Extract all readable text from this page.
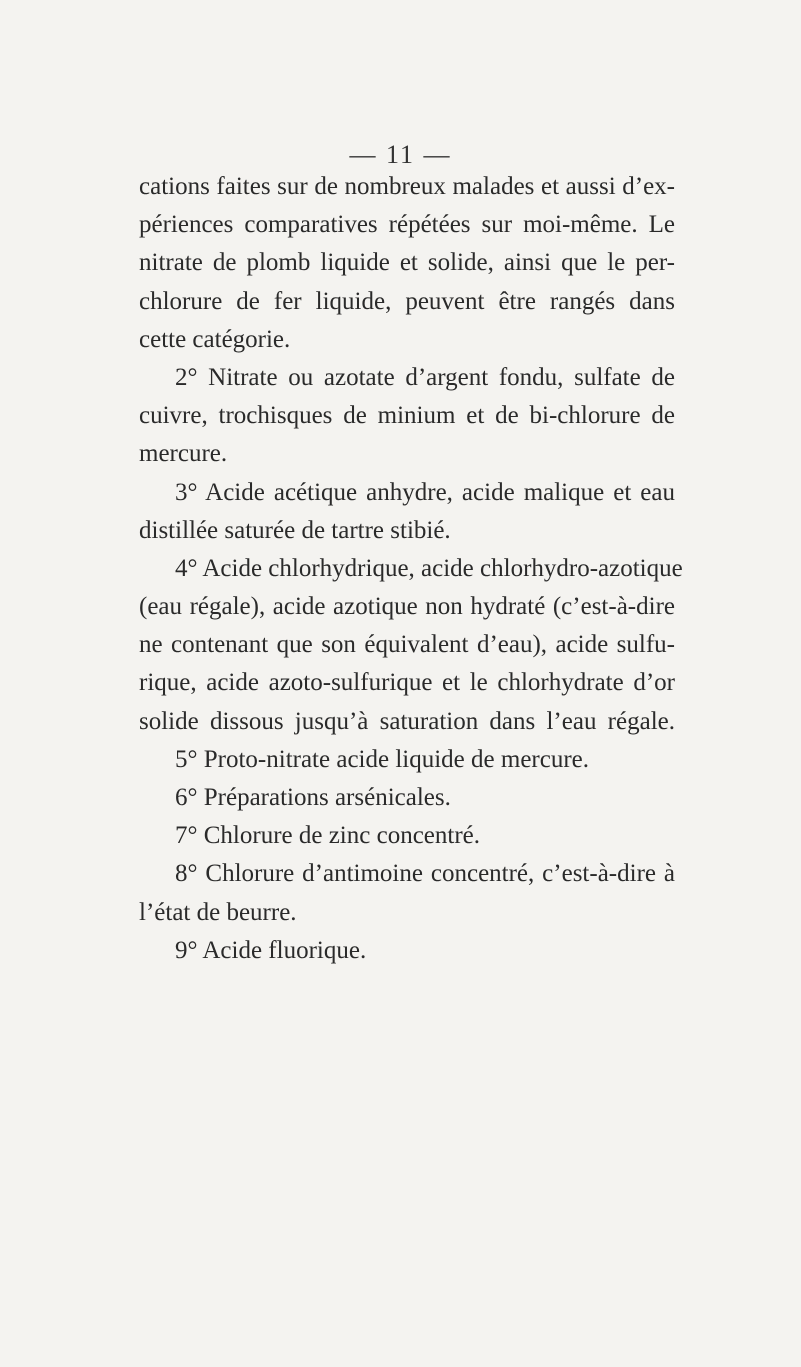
— 11 —
cations faites sur de nombreux malades et aussi d’ex-
périences comparatives répétées sur moi-même. Le
nitrate de plomb liquide et solide, ainsi que le per-
chlorure de fer liquide, peuvent être rangés dans
cette catégorie.
2° Nitrate ou azotate d’argent fondu, sulfate de
cuivre, trochisques de minium et de bi-chlorure de
mercure.
3° Acide acétique anhydre, acide malique et eau
distillée saturée de tartre stibié.
4° Acide chlorhydrique, acide chlorhydro-azotique
(eau régale), acide azotique non hydraté (c’est-à-dire
ne contenant que son équivalent d’eau), acide sulfu-
rique, acide azoto-sulfurique et le chlorhydrate d’or
solide dissous jusqu’à saturation dans l’eau régale.
5° Proto-nitrate acide liquide de mercure.
6° Préparations arsénicales.
7° Chlorure de zinc concentré.
8° Chlorure d’antimoine concentré, c’est-à-dire à
l’état de beurre.
9° Acide fluorique.
